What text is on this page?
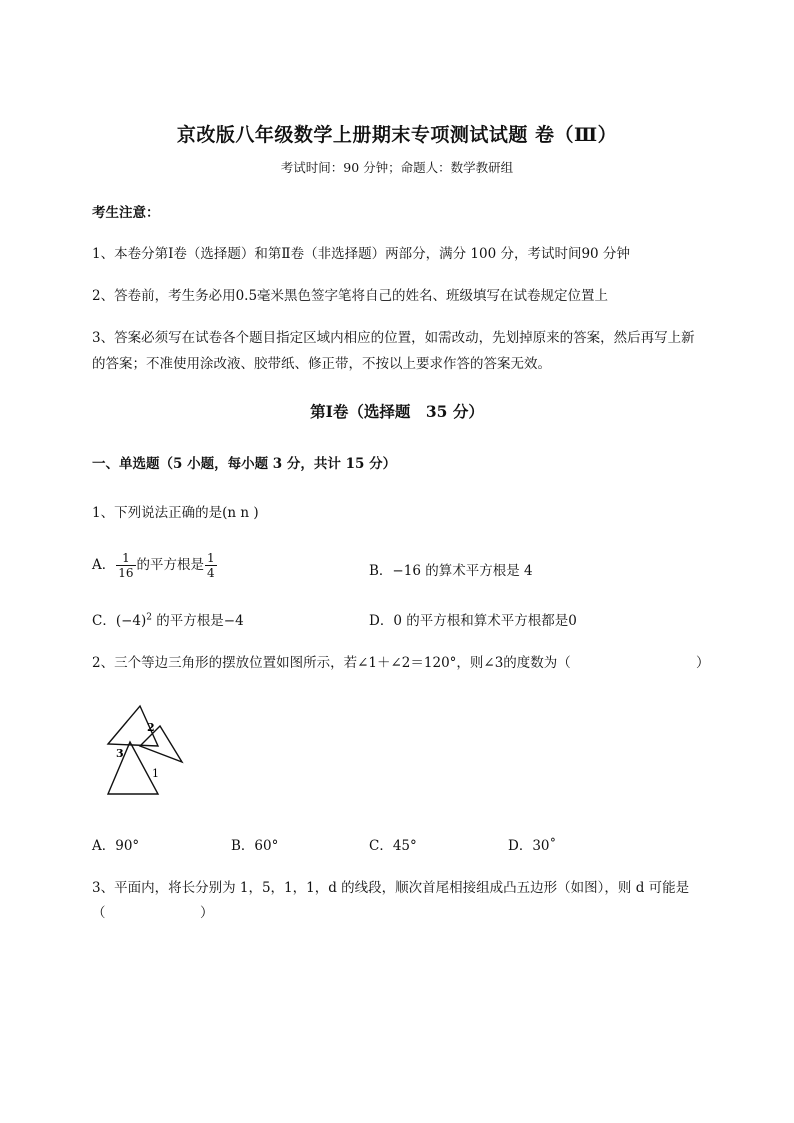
京改版八年级数学上册期末专项测试试题 卷（Ⅲ）
考试时间：90 分钟；命题人：数学教研组
考生注意：
1、本卷分第Ⅰ卷（选择题）和第Ⅱ卷（非选择题）两部分，满分 100 分，考试时间90 分钟
2、答卷前，考生务必用0.5毫米黑色签字笔将自己的姓名、班级填写在试卷规定位置上
3、答案必须写在试卷各个题目指定区域内相应的位置，如需改动，先划掉原来的答案，然后再写上新
的答案；不准使用涂改液、胶带纸、修正带，不按以上要求作答的答案无效。
第Ⅰ卷（选择题　35 分）
一、单选题（5 小题，每小题 3 分，共计 15 分）
1、下列说法正确的是(n n )
A． $\frac{1}{16}$ 的平方根是 $\frac{1}{4}$	B．−16 的算术平方根是 4
C．$(-4)^2$ 的平方根是−4	D．0 的平方根和算术平方根都是0
2、三个等边三角形的摆放位置如图所示，若∠1＋∠2＝120°，则∠3的度数为（	）
2
3
1
A．90°	B．60°	C．45°	D．30˚
3、平面内，将长分别为 1，5，1，1，d 的线段，顺次首尾相接组成凸五边形（如图），则 d 可能是
（　　　　　　　）
